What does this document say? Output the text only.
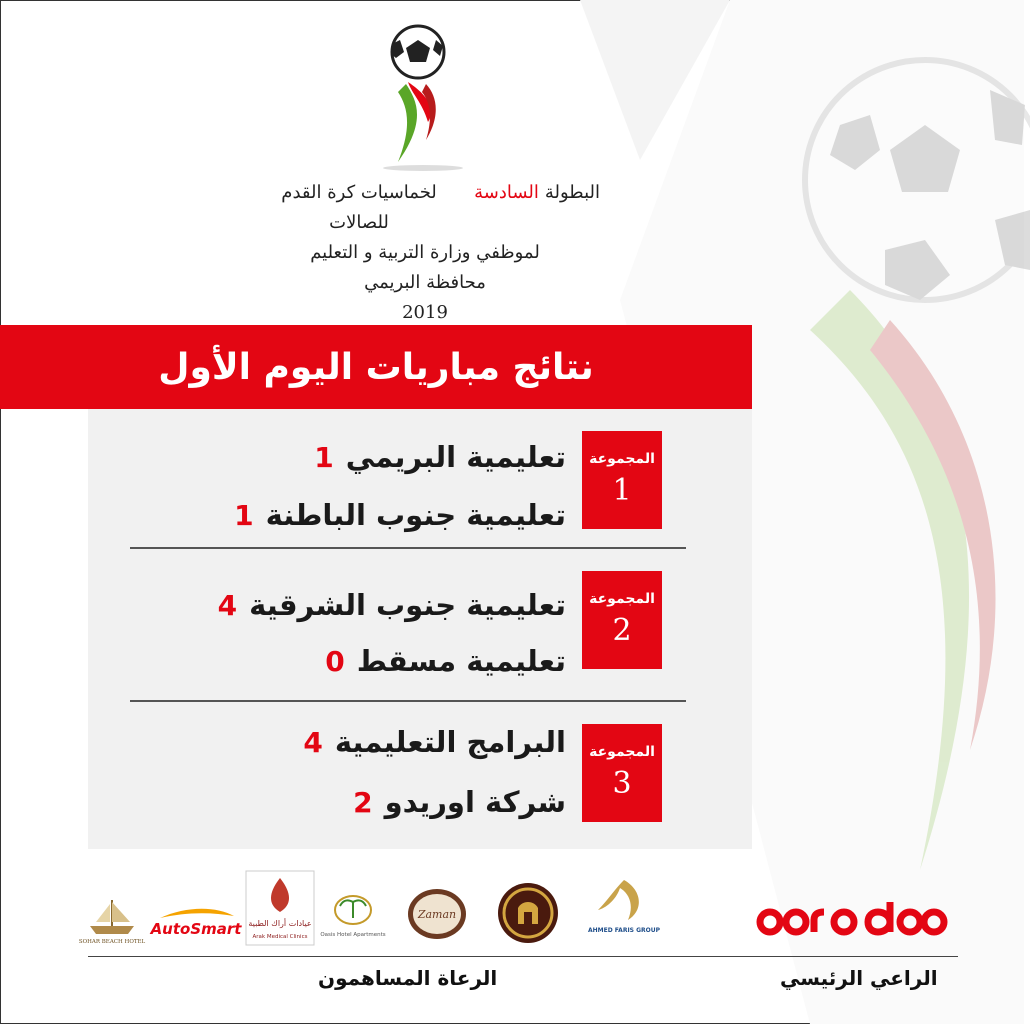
البطولة
السادسة
لخماسيات كرة القدم للصالات
لموظفي وزارة التربية و التعليم
محافظة البريمي
2019
نتائج مباريات اليوم الأول
المجموعة
1
تعليمية البريمي
1
تعليمية جنوب الباطنة
1
المجموعة
2
تعليمية جنوب الشرقية
4
تعليمية مسقط
0
المجموعة
3
البرامج التعليمية
4
شركة اوريدو
2
SOHAR BEACH HOTEL
AutoSmart عيادات أراك الطبية
Arak Medical Clinics Oasis Hotel Apartments
Zaman
AHMED FARIS GROUP
ooredoo
الرعاة المساهمون	الراعي الرئيسي
